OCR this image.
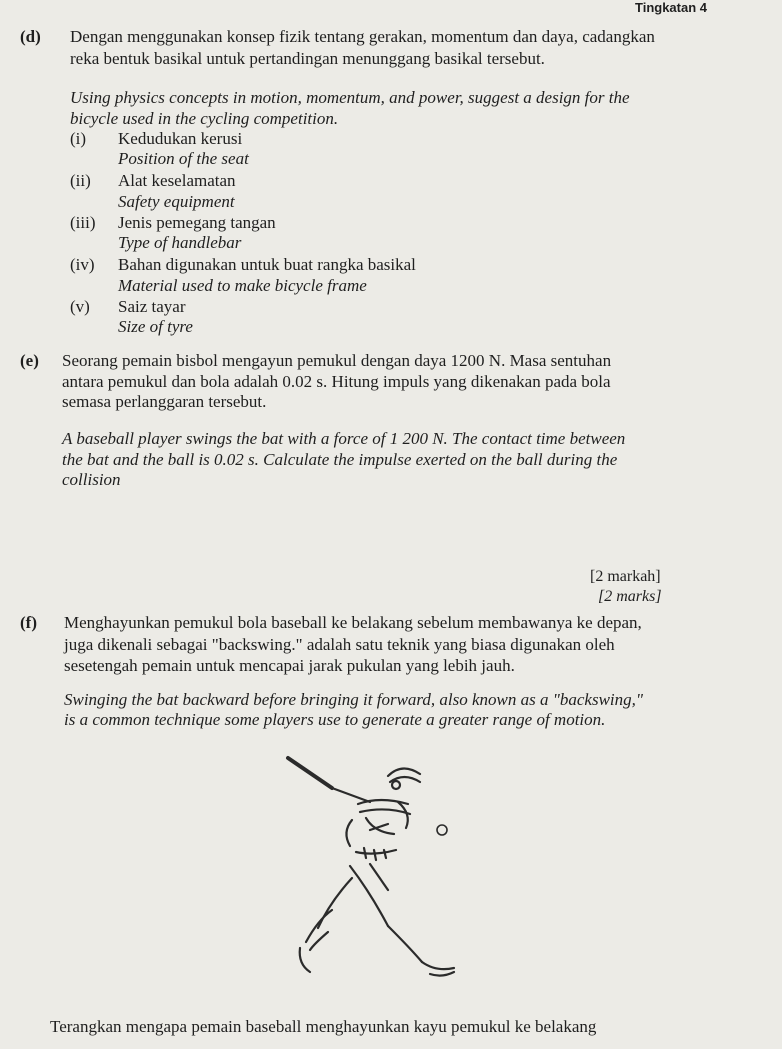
Tingkatan 4
(d) Dengan menggunakan konsep fizik tentang gerakan, momentum dan daya, cadangkan
reka bentuk basikal untuk pertandingan menunggang basikal tersebut.
Using physics concepts in motion, momentum, and power, suggest a design for the
bicycle used in the cycling competition.
(i) Kedudukan kerusi
Position of the seat
(ii) Alat keselamatan
Safety equipment
(iii) Jenis pemegang tangan
Type of handlebar
(iv) Bahan digunakan untuk buat rangka basikal
Material used to make bicycle frame
(v) Saiz tayar
Size of tyre
(e) Seorang pemain bisbol mengayun pemukul dengan daya 1200 N. Masa sentuhan
antara pemukul dan bola adalah 0.02 s. Hitung impuls yang dikenakan pada bola
semasa perlanggaran tersebut.
A baseball player swings the bat with a force of 1 200 N. The contact time between
the bat and the ball is 0.02 s. Calculate the impulse exerted on the ball during the
collision
[2 markah]
[2 marks]
(f) Menghayunkan pemukul bola baseball ke belakang sebelum membawanya ke depan,
juga dikenali sebagai "backswing." adalah satu teknik yang biasa digunakan oleh
sesetengah pemain untuk mencapai jarak pukulan yang lebih jauh.
Swinging the bat backward before bringing it forward, also known as a "backswing,"
is a common technique some players use to generate a greater range of motion.
Terangkan mengapa pemain baseball menghayunkan kayu pemukul ke belakang
